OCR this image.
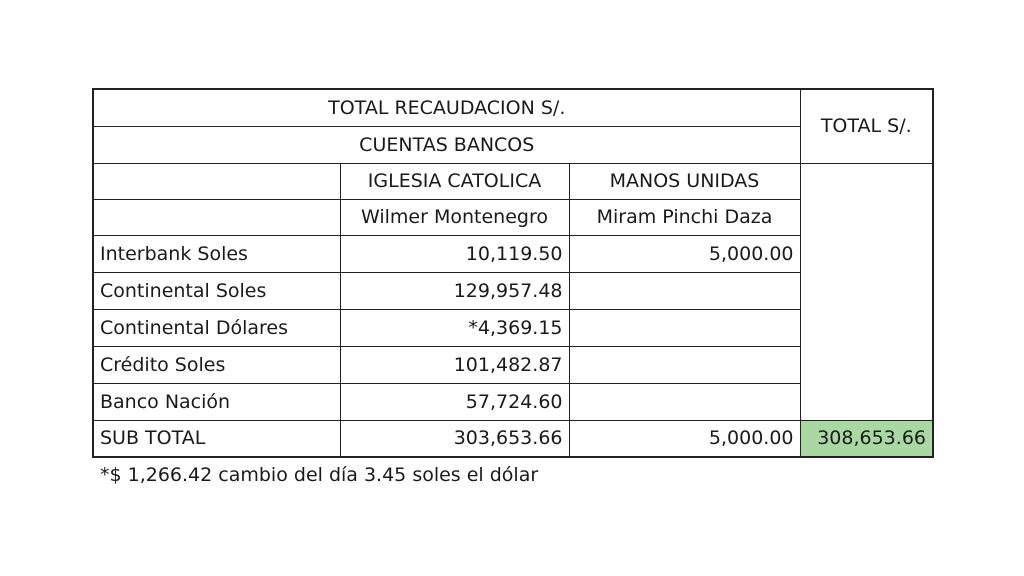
TOTAL RECAUDACION S/.			TOTAL S/.
CUENTAS BANCOS			
	IGLESIA CATOLICA	MANOS UNIDAS	
	Wilmer Montenegro	Miram Pinchi Daza	
Interbank Soles	10,119.50	5,000.00	
Continental Soles	129,957.48		
Continental Dólares	*4,369.15		
Crédito Soles	101,482.87		
Banco Nación	57,724.60		
SUB TOTAL	303,653.66	5,000.00	308,653.66
*$ 1,266.42 cambio del día 3.45 soles el dólar
